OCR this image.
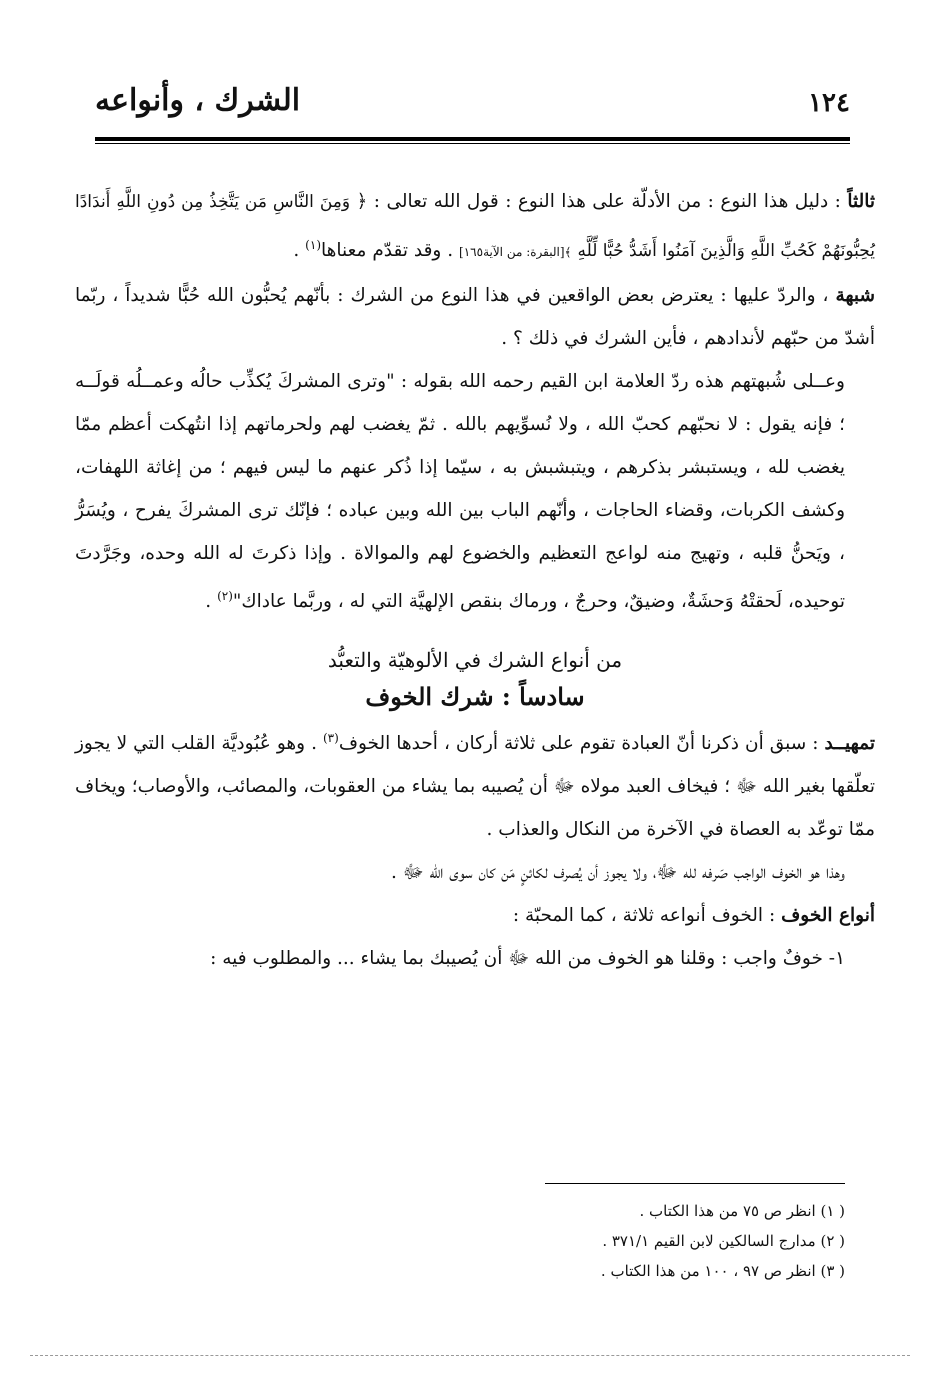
١٢٤
الشرك ، وأنواعه

ثالثاً : دليل هذا النوع : من الأدلّة على هذا النوع : قول الله تعالى : ﴿ وَمِنَ النَّاسِ مَن يَتَّخِذُ مِن دُونِ اللَّهِ أَندَادًا يُحِبُّونَهُمْ كَحُبِّ اللَّهِ وَالَّذِينَ آمَنُوا أَشَدُّ حُبًّا لِّلَّهِ ﴾[البقرة: من الآية١٦٥] . وقد تقدّم معناها$^{(١)}$ .

شبهة ، والردّ عليها : يعترض بعض الواقعين في هذا النوع من الشرك : بأنّهم يُحبُّون الله حُبًّا شديداً ، ربّما أشدّ من حبّهم لأندادهم ، فأين الشرك في ذلك ؟ .

وعــلى شُبهتهم هذه ردّ العلامة ابن القيم رحمه الله بقوله : "وترى المشركَ يُكذِّب حالُه وعمــلُه قولَــه ؛ فإنه يقول : لا نحبّهم كحبّ الله ، ولا نُسوِّيهم بالله . ثمّ يغضب لهم ولحرماتهم إذا انتُهكت أعظم ممّا يغضب لله ، ويستبشر بذكرهم ، ويتبشبش به ، سيّما إذا ذُكر عنهم ما ليس فيهم ؛ من إغاثة اللهفات، وكشف الكربات، وقضاء الحاجات ، وأنّهم الباب بين الله وبين عباده ؛ فإنّك ترى المشركَ يفرح ، ويُسَرُّ ، ويَحنُّ قلبه ، وتهيج منه لواعج التعظيم والخضوع لهم والموالاة . وإذا ذكرتَ له الله وحده، وجَرَّدتَ توحيده، لَحقتْهُ وَحشَةٌ، وضيقٌ، وحرجٌ ، ورماك بنقص الإلهيَّة التي له ، وربَّما عاداك"$^{(٢)}$ .

من أنواع الشرك في الألوهيّة والتعبُّد
سادساً : شرك الخوف

تمهيــد : سبق أن ذكرنا أنّ العبادة تقوم على ثلاثة أركان ، أحدها الخوف$^{(٣)}$ . وهو عُبُوديَّة القلب التي لا يجوز تعلّقها بغير الله ﷻ ؛ فيخاف العبد مولاه ﷻ أن يُصيبه بما يشاء من العقوبات، والمصائب، والأوصاب؛ ويخاف ممّا توعّد به العصاة في الآخرة من النكال والعذاب .

وهذا هو الخوف الواجب صَرفه لله ﷻ، ولا يجوز أن يُصرف لكائنٍ مَن كان سوى الله ﷻ .

أنواع الخوف : الخوف أنواعه ثلاثة ، كما المحبّة :

١- خوفٌ واجب : وقلنا هو الخوف من الله ﷻ أن يُصيبك بما يشاء ... والمطلوب فيه :

( ١) انظر ص ٧٥ من هذا الكتاب .

( ٢) مدارج السالكين لابن القيم ٣٧١/١ .

( ٣) انظر ص ٩٧ ، ١٠٠ من هذا الكتاب .
